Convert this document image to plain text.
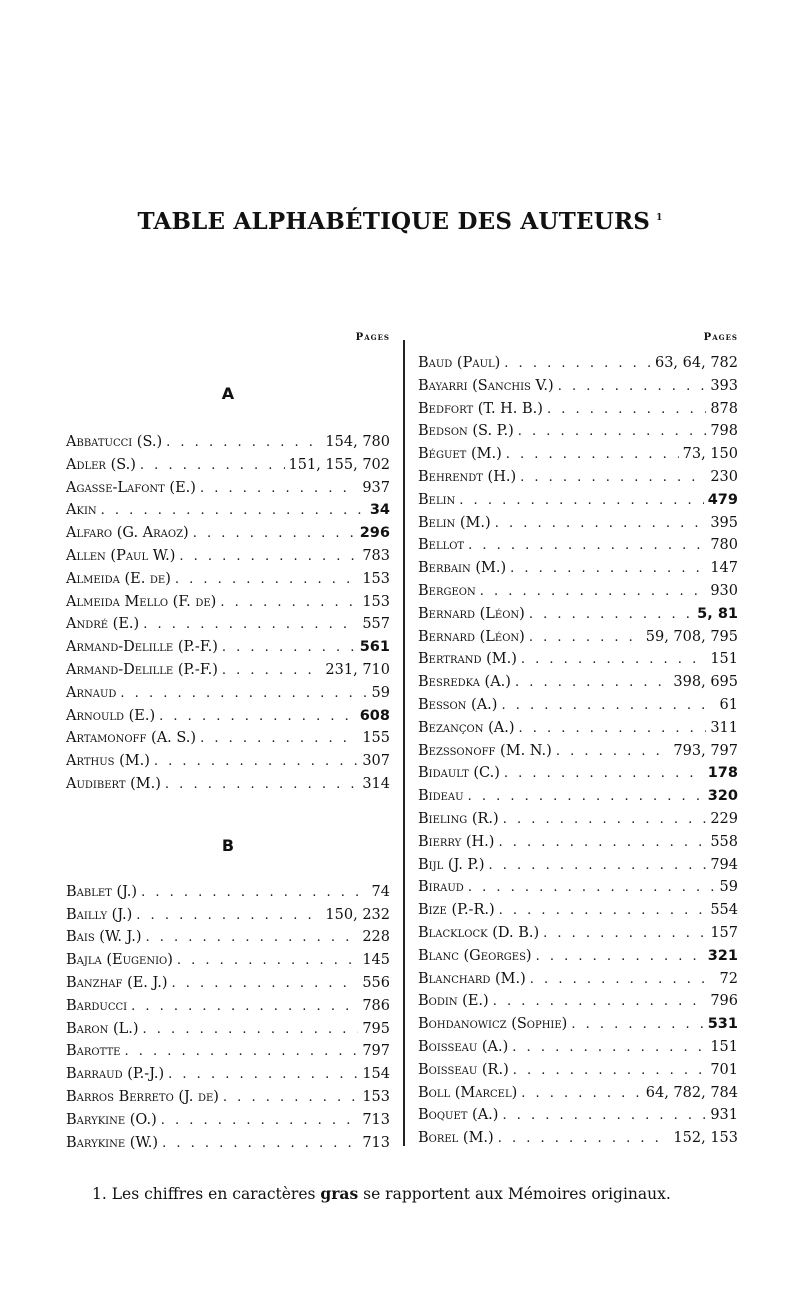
TABLE ALPHABÉTIQUE DES AUTEURS $^1$
Pages
A
Abbatucci (S.) . . .	154, 780
Adler (S.) . . .	151, 155, 702
Agasse-Lafont (E.) . . .	937
Akin . . .	34
Alfaro (G. Araoz) . . .	296
Allen (Paul W.) . . .	783
Almeida (E. de) . . .	153
Almeida Mello (F. de) . . .	153
André (E.) . . .	557
Armand-Delille (P.-F.) . . .	561
Armand-Delille (P.-F.) . . .	231, 710
Arnaud . . .	59
Arnould (E.) . . .	608
Artamonoff (A. S.) . . .	155
Arthus (M.) . . .	307
Audibert (M.) . . .	314
B
Bablet (J.) . . .	74
Bailly (J.) . . .	150, 232
Bais (W. J.) . . .	228
Bajla (Eugenio) . . .	145
Banzhaf (E. J.) . . .	556
Barducci . . .	786
Baron (L.) . . .	795
Barotte . . .	797
Barraud (P.-J.) . . .	154
Barros Berreto (J. de) . . .	153
Barykine (O.) . . .	713
Barykine (W.) . . .	713
Pages
Baud (Paul) . . .	63, 64, 782
Bayarri (Sanchis V.) . . .	393
Bedfort (T. H. B.) . . .	878
Bedson (S. P.) . . .	798
Béguet (M.) . . .	73, 150
Behrendt (H.) . . .	230
Belin . . .	479
Belin (M.) . . .	395
Bellot . . .	780
Berbain (M.) . . .	147
Bergeon . . .	930
Bernard (Léon) . . .	5, 81
Bernard (Léon) . . .	59, 708, 795
Bertrand (M.) . . .	151
Besredka (A.) . . .	398, 695
Besson (A.) . . .	61
Bezançon (A.) . . .	311
Bezssonoff (M. N.) . . .	793, 797
Bidault (C.) . . .	178
Bideau . . .	320
Bieling (R.) . . .	229
Bierry (H.) . . .	558
Bijl (J. P.) . . .	794
Biraud . . .	59
Bize (P.-R.) . . .	554
Blacklock (D. B.) . . .	157
Blanc (Georges) . . .	321
Blanchard (M.) . . .	72
Bodin (E.) . . .	796
Bohdanowicz (Sophie) . . .	531
Boisseau (A.) . . .	151
Boisseau (R.) . . .	701
Boll (Marcel) . . .	64, 782, 784
Boquet (A.) . . .	931
Borel (M.) . . .	152, 153
1. Les chiffres en caractères gras se rapportent aux Mémoires originaux.
